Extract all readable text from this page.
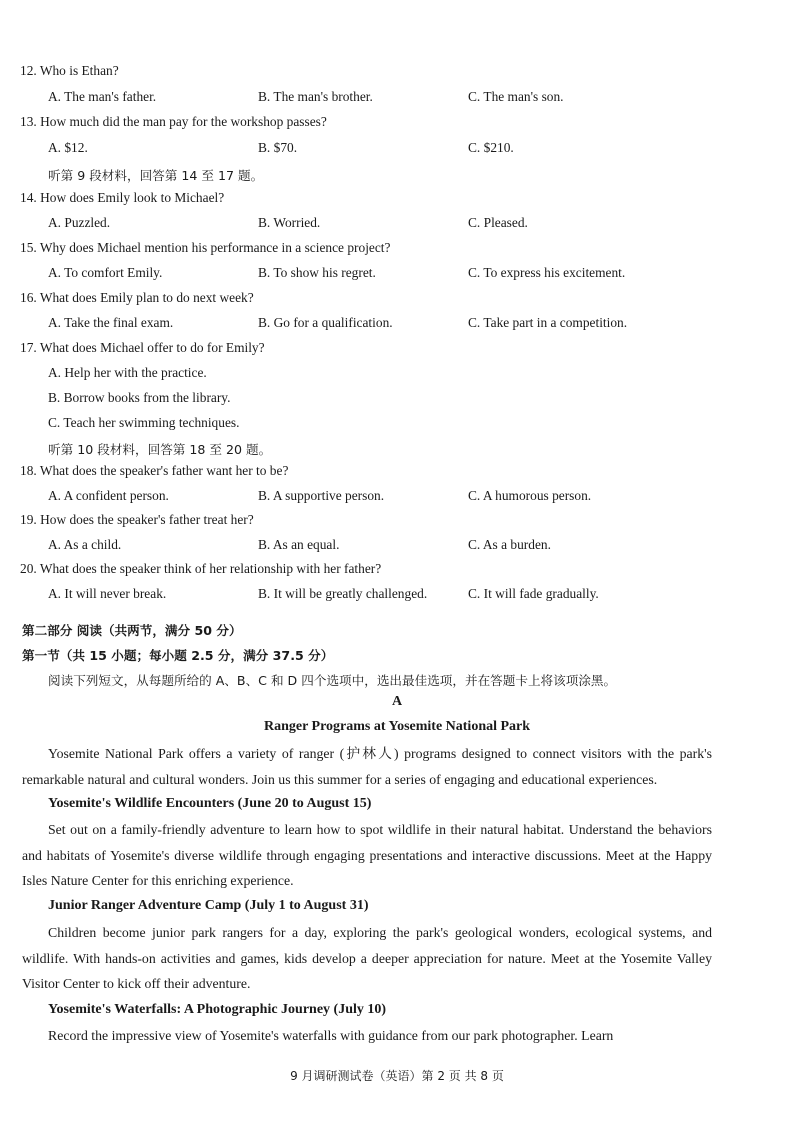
12. Who is Ethan?
A. The man's father.	B. The man's brother.	C. The man's son.
13. How much did the man pay for the workshop passes?
A. $12.	B. $70.	C. $210.
听第 9 段材料，回答第 14 至 17 题。
14. How does Emily look to Michael?
A. Puzzled.	B. Worried.	C. Pleased.
15. Why does Michael mention his performance in a science project?
A. To comfort Emily.	B. To show his regret.	C. To express his excitement.
16. What does Emily plan to do next week?
A. Take the final exam.	B. Go for a qualification.	C. Take part in a competition.
17. What does Michael offer to do for Emily?
A. Help her with the practice.
B. Borrow books from the library.
C. Teach her swimming techniques.
听第 10 段材料，回答第 18 至 20 题。
18. What does the speaker's father want her to be?
A. A confident person.	B. A supportive person.	C. A humorous person.
19. How does the speaker's father treat her?
A. As a child.	B. As an equal.	C. As a burden.
20. What does the speaker think of her relationship with her father?
A. It will never break.	B. It will be greatly challenged.	C. It will fade gradually.
第二部分 阅读（共两节，满分 50 分）
第一节（共 15 小题；每小题 2.5 分，满分 37.5 分）
阅读下列短文，从每题所给的 A、B、C 和 D 四个选项中，选出最佳选项，并在答题卡上将该项涂黑。
A
Ranger Programs at Yosemite National Park
Yosemite National Park offers a variety of ranger (护林人) programs designed to connect visitors with the park's remarkable natural and cultural wonders. Join us this summer for a series of engaging and educational experiences.
Yosemite's Wildlife Encounters (June 20 to August 15)
Set out on a family-friendly adventure to learn how to spot wildlife in their natural habitat. Understand the behaviors and habitats of Yosemite's diverse wildlife through engaging presentations and interactive discussions. Meet at the Happy Isles Nature Center for this enriching experience.
Junior Ranger Adventure Camp (July 1 to August 31)
Children become junior park rangers for a day, exploring the park's geological wonders, ecological systems, and wildlife. With hands-on activities and games, kids develop a deeper appreciation for nature. Meet at the Yosemite Valley Visitor Center to kick off their adventure.
Yosemite's Waterfalls: A Photographic Journey (July 10)
Record the impressive view of Yosemite's waterfalls with guidance from our park photographer. Learn
9 月调研测试卷（英语）第 2 页 共 8 页
